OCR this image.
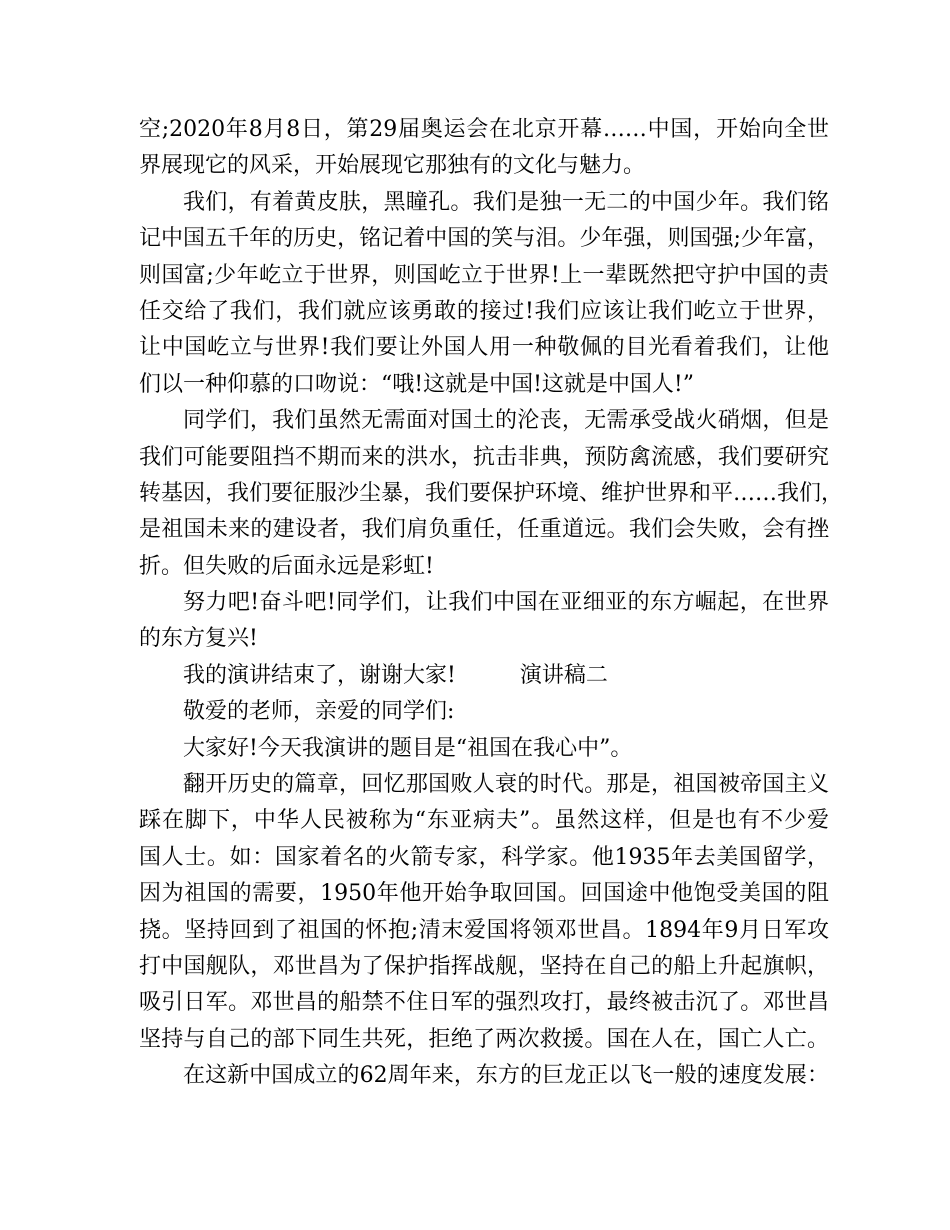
空;2020年8月8日，第29届奥运会在北京开幕……中国，开始向全世
界展现它的风采，开始展现它那独有的文化与魅力。
我们，有着黄皮肤，黑瞳孔。我们是独一无二的中国少年。我们铭
记中国五千年的历史，铭记着中国的笑与泪。少年强，则国强;少年富，
则国富;少年屹立于世界，则国屹立于世界!上一辈既然把守护中国的责
任交给了我们，我们就应该勇敢的接过!我们应该让我们屹立于世界，
让中国屹立与世界!我们要让外国人用一种敬佩的目光看着我们，让他
们以一种仰慕的口吻说：“哦!这就是中国!这就是中国人!”
同学们，我们虽然无需面对国土的沦丧，无需承受战火硝烟，但是
我们可能要阻挡不期而来的洪水，抗击非典，预防禽流感，我们要研究
转基因，我们要征服沙尘暴，我们要保护环境、维护世界和平……我们，
是祖国未来的建设者，我们肩负重任，任重道远。我们会失败，会有挫
折。但失败的后面永远是彩虹!
努力吧!奋斗吧!同学们，让我们中国在亚细亚的东方崛起，在世界
的东方复兴!
我的演讲结束了，谢谢大家!	演讲稿二
敬爱的老师，亲爱的同学们:
大家好!今天我演讲的题目是“祖国在我心中”。
翻开历史的篇章，回忆那国败人衰的时代。那是，祖国被帝国主义
踩在脚下，中华人民被称为“东亚病夫”。虽然这样，但是也有不少爱
国人士。如：国家着名的火箭专家，科学家。他1935年去美国留学，
因为祖国的需要，1950年他开始争取回国。回国途中他饱受美国的阻
挠。坚持回到了祖国的怀抱;清末爱国将领邓世昌。1894年9月日军攻
打中国舰队，邓世昌为了保护指挥战舰，坚持在自己的船上升起旗帜，
吸引日军。邓世昌的船禁不住日军的强烈攻打，最终被击沉了。邓世昌
坚持与自己的部下同生共死，拒绝了两次救援。国在人在，国亡人亡。
在这新中国成立的62周年来，东方的巨龙正以飞一般的速度发展：
